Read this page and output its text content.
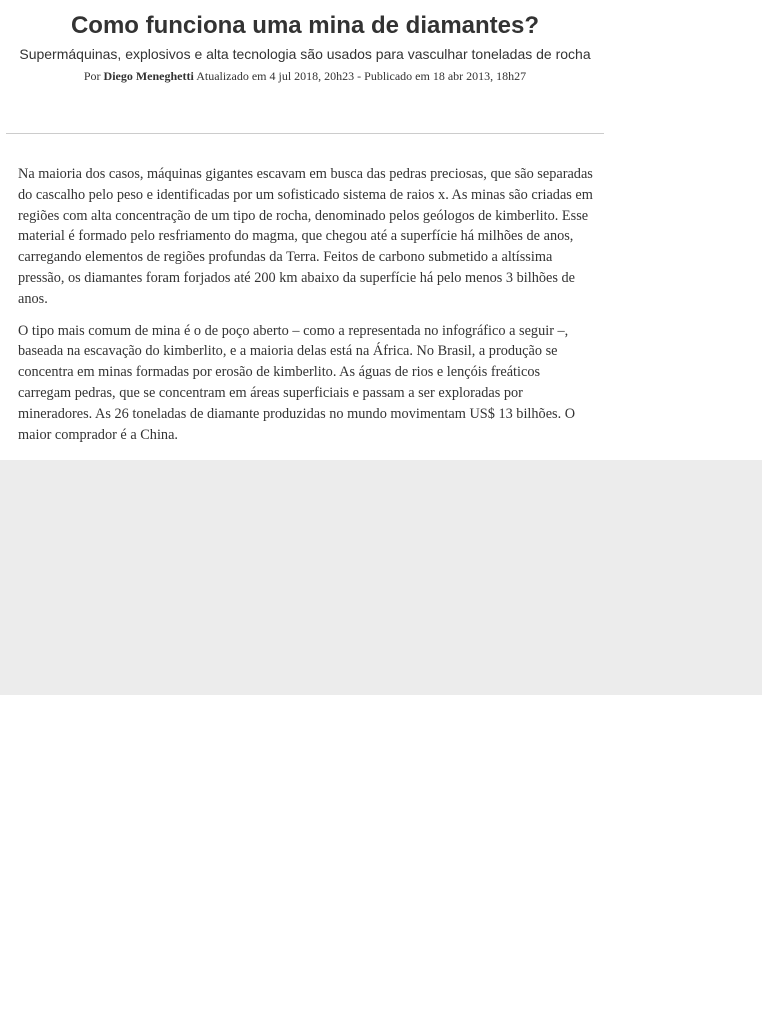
Como funciona uma mina de diamantes?

Supermáquinas, explosivos e alta tecnologia são usados para vasculhar toneladas de rocha

Por Diego Meneghetti Atualizado em 4 jul 2018, 20h23 - Publicado em 18 abr 2013, 18h27

Na maioria dos casos, máquinas gigantes escavam em busca das pedras preciosas, que são separadas do cascalho pelo peso e identificadas por um sofisticado sistema de raios x. As minas são criadas em regiões com alta concentração de um tipo de rocha, denominado pelos geólogos de kimberlito. Esse material é formado pelo resfriamento do magma, que chegou até a superfície há milhões de anos, carregando elementos de regiões profundas da Terra. Feitos de carbono submetido a altíssima pressão, os diamantes foram forjados até 200 km abaixo da superfície há pelo menos 3 bilhões de anos.

O tipo mais comum de mina é o de poço aberto – como a representada no infográfico a seguir –, baseada na escavação do kimberlito, e a maioria delas está na África. No Brasil, a produção se concentra em minas formadas por erosão de kimberlito. As águas de rios e lençóis freáticos carregam pedras, que se concentram em áreas superficiais e passam a ser exploradas por mineradores. As 26 toneladas de diamante produzidas no mundo movimentam US$ 13 bilhões. O maior comprador é a China.
